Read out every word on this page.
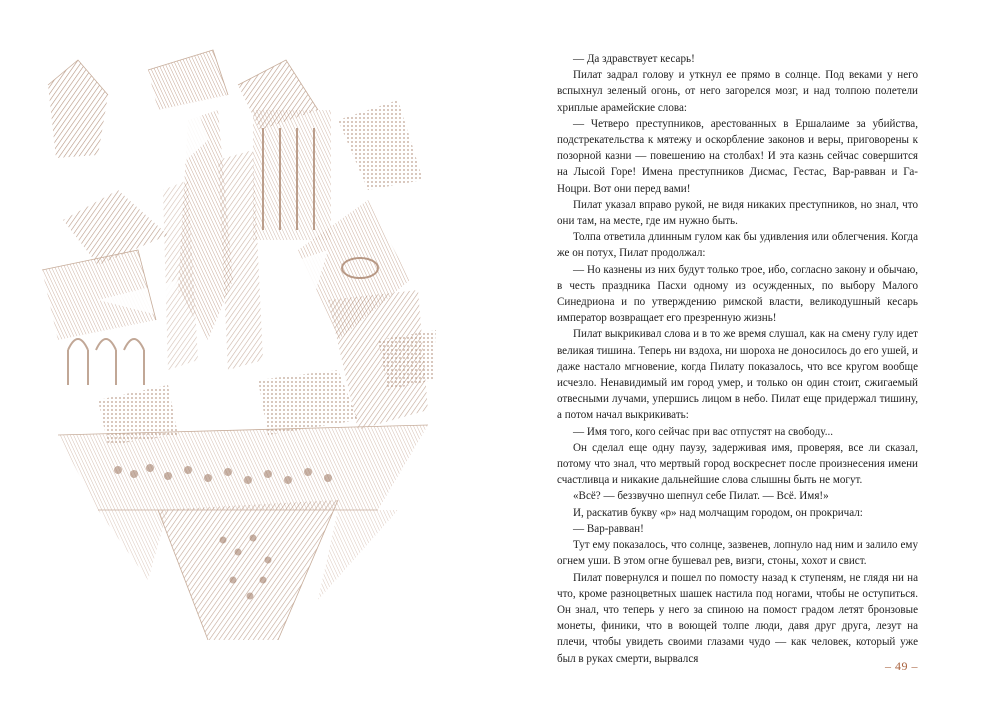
— Да здравствует кесарь!

Пилат задрал голову и уткнул ее прямо в солнце. Под веками у него вспыхнул зеленый огонь, от него загорелся мозг, и над толпою полетели хриплые арамейские слова:

— Четверо преступников, арестованных в Ершалаиме за убийства, подстрекательства к мятежу и оскорбление законов и веры, приговорены к позорной казни — повешению на столбах! И эта казнь сейчас совершится на Лысой Горе! Имена преступников Дисмас, Гестас, Вар-равван и Га-Ноцри. Вот они перед вами!

Пилат указал вправо рукой, не видя никаких преступников, но знал, что они там, на месте, где им нужно быть.

Толпа ответила длинным гулом как бы удивления или облегчения. Когда же он потух, Пилат продолжал:

— Но казнены из них будут только трое, ибо, согласно закону и обычаю, в честь праздника Пасхи одному из осужденных, по выбору Малого Синедриона и по утверждению римской власти, великодушный кесарь император возвращает его презренную жизнь!

Пилат выкрикивал слова и в то же время слушал, как на смену гулу идет великая тишина. Теперь ни вздоха, ни шороха не доносилось до его ушей, и даже настало мгновение, когда Пилату показалось, что все кругом вообще исчезло. Ненавидимый им город умер, и только он один стоит, сжигаемый отвесными лучами, упершись лицом в небо. Пилат еще придержал тишину, а потом начал выкрикивать:

— Имя того, кого сейчас при вас отпустят на свободу...

Он сделал еще одну паузу, задерживая имя, проверяя, все ли сказал, потому что знал, что мертвый город воскреснет после произнесения имени счастливца и никакие дальнейшие слова слышны быть не могут.

«Всё? — беззвучно шепнул себе Пилат. — Всё. Имя!»

И, раскатив букву «р» над молчащим городом, он прокричал:

— Вар-равван!

Тут ему показалось, что солнце, зазвенев, лопнуло над ним и залило ему огнем уши. В этом огне бушевал рев, визги, стоны, хохот и свист.

Пилат повернулся и пошел по помосту назад к ступеням, не глядя ни на что, кроме разноцветных шашек настила под ногами, чтобы не оступиться. Он знал, что теперь у него за спиною на помост градом летят бронзовые монеты, финики, что в воющей толпе люди, давя друг друга, лезут на плечи, чтобы увидеть своими глазами чудо — как человек, который уже был в руках смерти, вырвался

– 49 –
